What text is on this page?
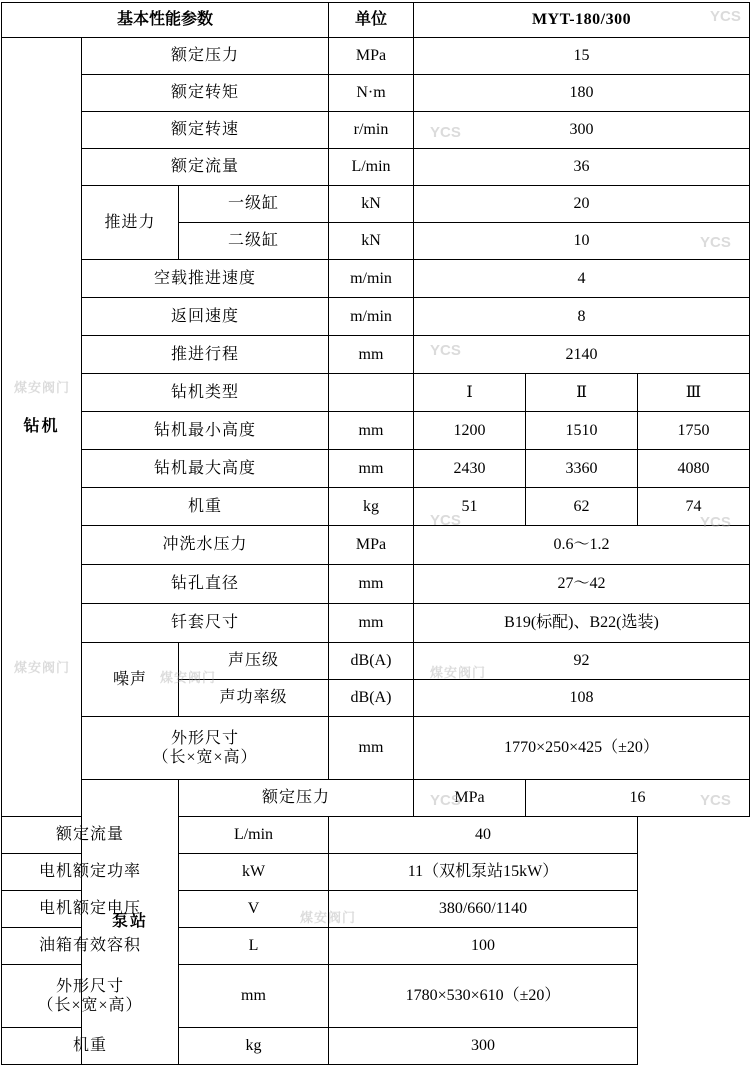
基本性能参数			单位	MYT-180/300		
钻机	额定压力		MPa	15		
	额定转矩		N·m	180		
	额定转速		r/min	300		
	额定流量		L/min	36		
	推进力	一级缸	kN	20		
		二级缸	kN	10		
	空载推进速度		m/min	4		
	返回速度		m/min	8		
	推进行程		mm	2140		
	钻机类型			Ⅰ	Ⅱ	Ⅲ
	钻机最小高度		mm	1200	1510	1750
	钻机最大高度		mm	2430	3360	4080
	机重		kg	51	62	74
	冲洗水压力		MPa	0.6～1.2		
	钻孔直径		mm	27～42		
	钎套尺寸		mm	B19(标配)、B22(选装)		
	噪声	声压级	dB(A)	92		
		声功率级	dB(A)	108		

	外形尺寸
（长×宽×高）		mm	1770×250×425（±20）		
	泵站	额定压力		MPa	16	
额定流量		L/min	40			
电机额定功率		kW	11（双机泵站15kW）			
电机额定电压		V	380/660/1140			
油箱有效容积		L	100			

外形尺寸
（长×宽×高）		mm	1780×530×610（±20）			
机重		kg	300			
YCS
YCS
YCS
YCS
YCS	YCS
YCS	YCS
煤安阀门
煤安阀门
煤安阀门
煤安阀门
煤安阀门
